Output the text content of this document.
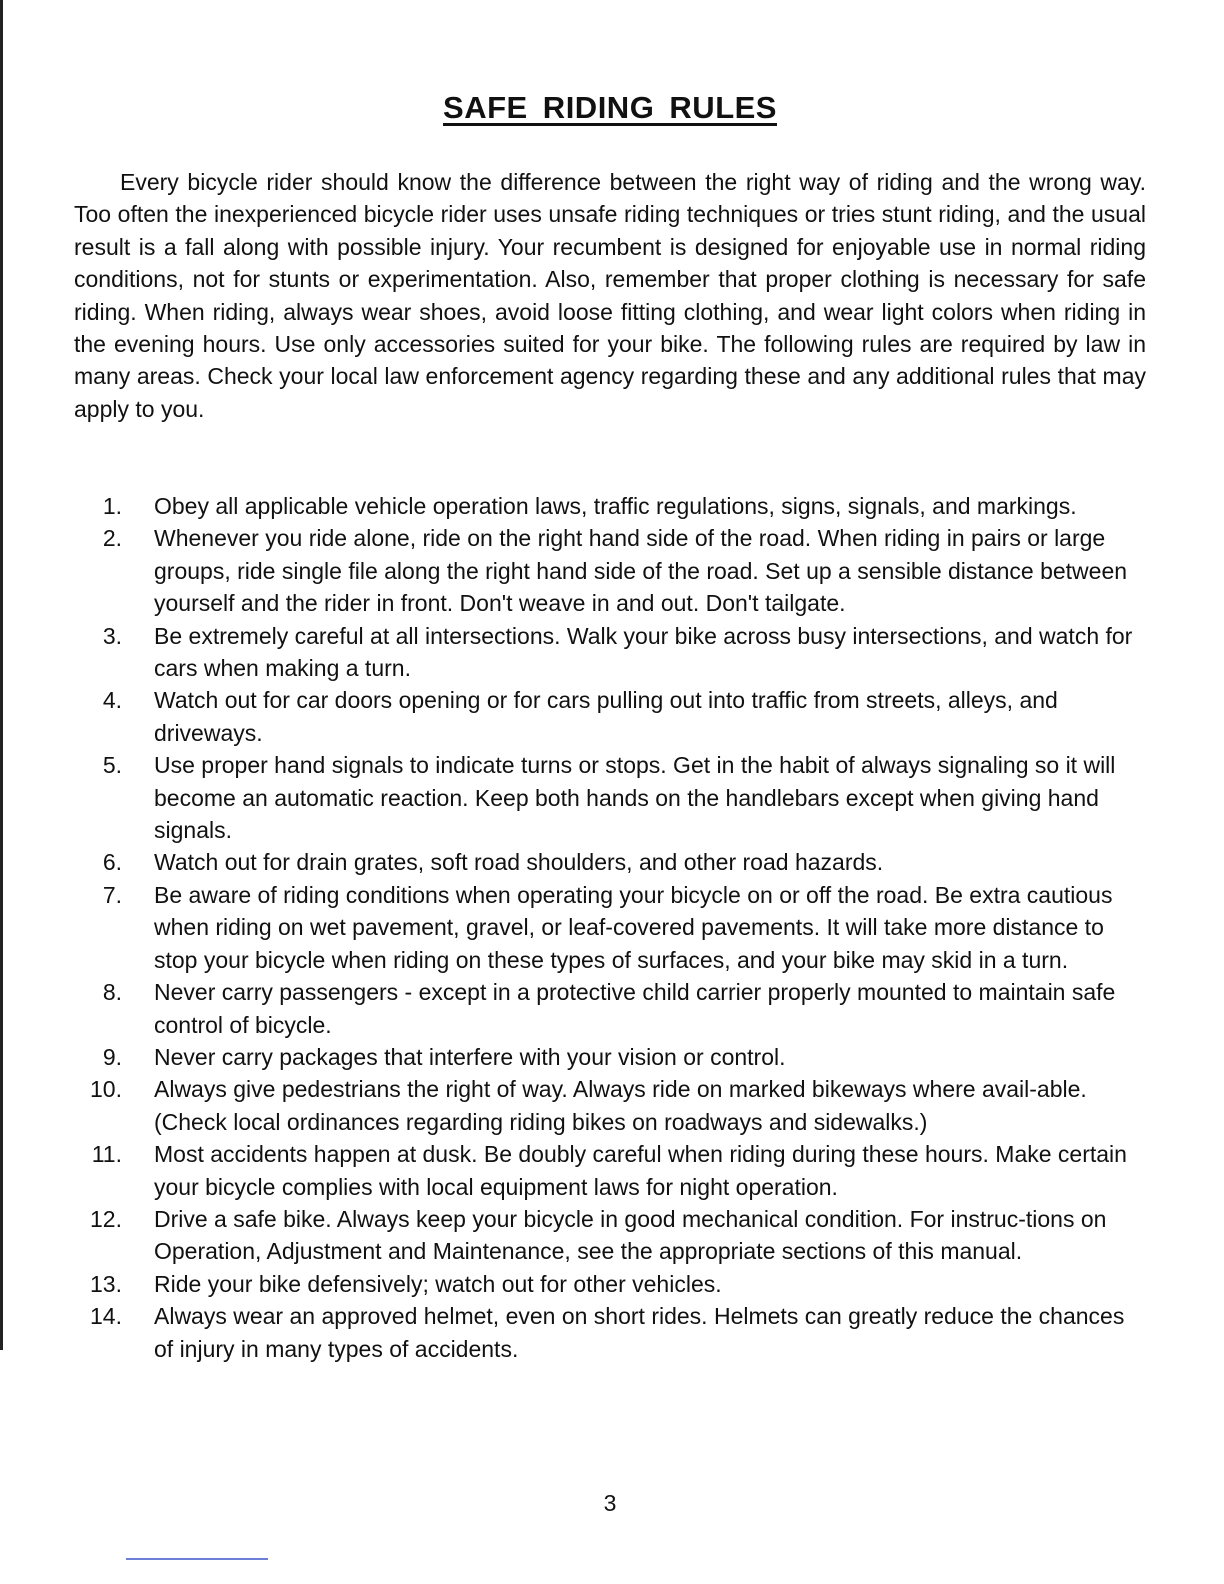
SAFE RIDING RULES

Every bicycle rider should know the difference between the right way of riding and the wrong way. Too often the inexperienced bicycle rider uses unsafe riding techniques or tries stunt riding, and the usual result is a fall along with possible injury. Your recumbent is designed for enjoyable use in normal riding conditions, not for stunts or experimentation. Also, remember that proper clothing is necessary for safe riding. When riding, always wear shoes, avoid loose fitting clothing, and wear light colors when riding in the evening hours. Use only accessories suited for your bike. The following rules are required by law in many areas. Check your local law enforcement agency regarding these and any additional rules that may apply to you.

1. Obey all applicable vehicle operation laws, traffic regulations, signs, signals, and markings.
2. Whenever you ride alone, ride on the right hand side of the road. When riding in pairs or large groups, ride single file along the right hand side of the road. Set up a sensible distance between yourself and the rider in front. Don't weave in and out. Don't tailgate.
3. Be extremely careful at all intersections. Walk your bike across busy intersections, and watch for cars when making a turn.
4. Watch out for car doors opening or for cars pulling out into traffic from streets, alleys, and driveways.
5. Use proper hand signals to indicate turns or stops. Get in the habit of always signaling so it will become an automatic reaction. Keep both hands on the handlebars except when giving hand signals.
6. Watch out for drain grates, soft road shoulders, and other road hazards.
7. Be aware of riding conditions when operating your bicycle on or off the road. Be extra cautious when riding on wet pavement, gravel, or leaf-covered pavements. It will take more distance to stop your bicycle when riding on these types of surfaces, and your bike may skid in a turn.
8. Never carry passengers - except in a protective child carrier properly mounted to maintain safe control of bicycle.
9. Never carry packages that interfere with your vision or control.
10. Always give pedestrians the right of way. Always ride on marked bikeways where avail-able. (Check local ordinances regarding riding bikes on roadways and sidewalks.)
11. Most accidents happen at dusk. Be doubly careful when riding during these hours. Make certain your bicycle complies with local equipment laws for night operation.
12. Drive a safe bike. Always keep your bicycle in good mechanical condition. For instruc-tions on Operation, Adjustment and Maintenance, see the appropriate sections of this manual.
13. Ride your bike defensively; watch out for other vehicles.
14. Always wear an approved helmet, even on short rides. Helmets can greatly reduce the chances of injury in many types of accidents.

3
